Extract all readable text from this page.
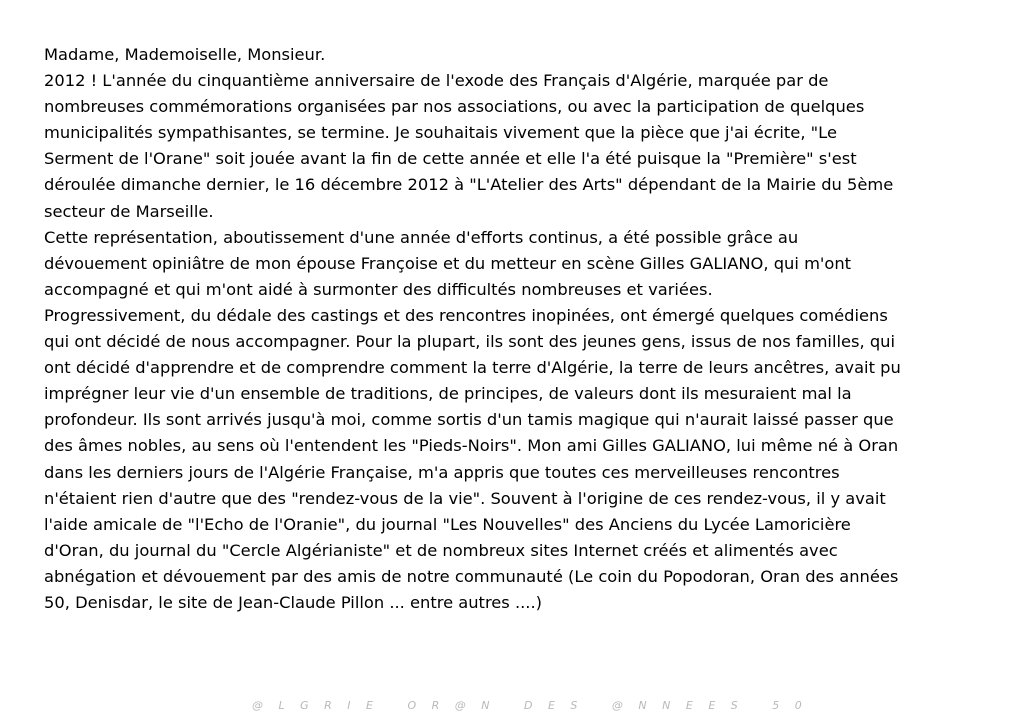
Madame, Mademoiselle, Monsieur.
2012 ! L'année du cinquantième anniversaire de l'exode des Français d'Algérie, marquée par de
nombreuses commémorations organisées par nos associations, ou avec la participation de quelques
municipalités sympathisantes, se termine. Je souhaitais vivement que la pièce que j'ai écrite, "Le
Serment de l'Orane" soit jouée avant la fin de cette année et elle l'a été puisque la "Première" s'est
déroulée dimanche dernier, le 16 décembre 2012 à "L'Atelier des Arts" dépendant de la Mairie du 5ème
secteur de Marseille.
Cette représentation, aboutissement d'une année d'efforts continus, a été possible grâce au
dévouement opiniâtre de mon épouse Françoise et du metteur en scène Gilles GALIANO, qui m'ont
accompagné et qui m'ont aidé à surmonter des difficultés nombreuses et variées.
Progressivement, du dédale des castings et des rencontres inopinées, ont émergé quelques comédiens
qui ont décidé de nous accompagner. Pour la plupart, ils sont des jeunes gens, issus de nos familles, qui
ont décidé d'apprendre et de comprendre comment la terre d'Algérie, la terre de leurs ancêtres, avait pu
imprégner leur vie d'un ensemble de traditions, de principes, de valeurs dont ils mesuraient mal la
profondeur. Ils sont arrivés jusqu'à moi, comme sortis d'un tamis magique qui n'aurait laissé passer que
des âmes nobles, au sens où l'entendent les "Pieds-Noirs". Mon ami Gilles GALIANO, lui même né à Oran
dans les derniers jours de l'Algérie Française, m'a appris que toutes ces merveilleuses rencontres
n'étaient rien d'autre que des "rendez-vous de la vie". Souvent à l'origine de ces rendez-vous, il y avait
l'aide amicale de "l'Echo de l'Oranie", du journal "Les Nouvelles" des Anciens du Lycée Lamoricière
d'Oran, du journal du "Cercle Algérianiste" et de nombreux sites Internet créés et alimentés avec
abnégation et dévouement par des amis de notre communauté (Le coin du Popodoran, Oran des années
50, Denisdar, le site de Jean-Claude Pillon ... entre autres ....)
@LGRIE OR@N DES @NNEES 50
